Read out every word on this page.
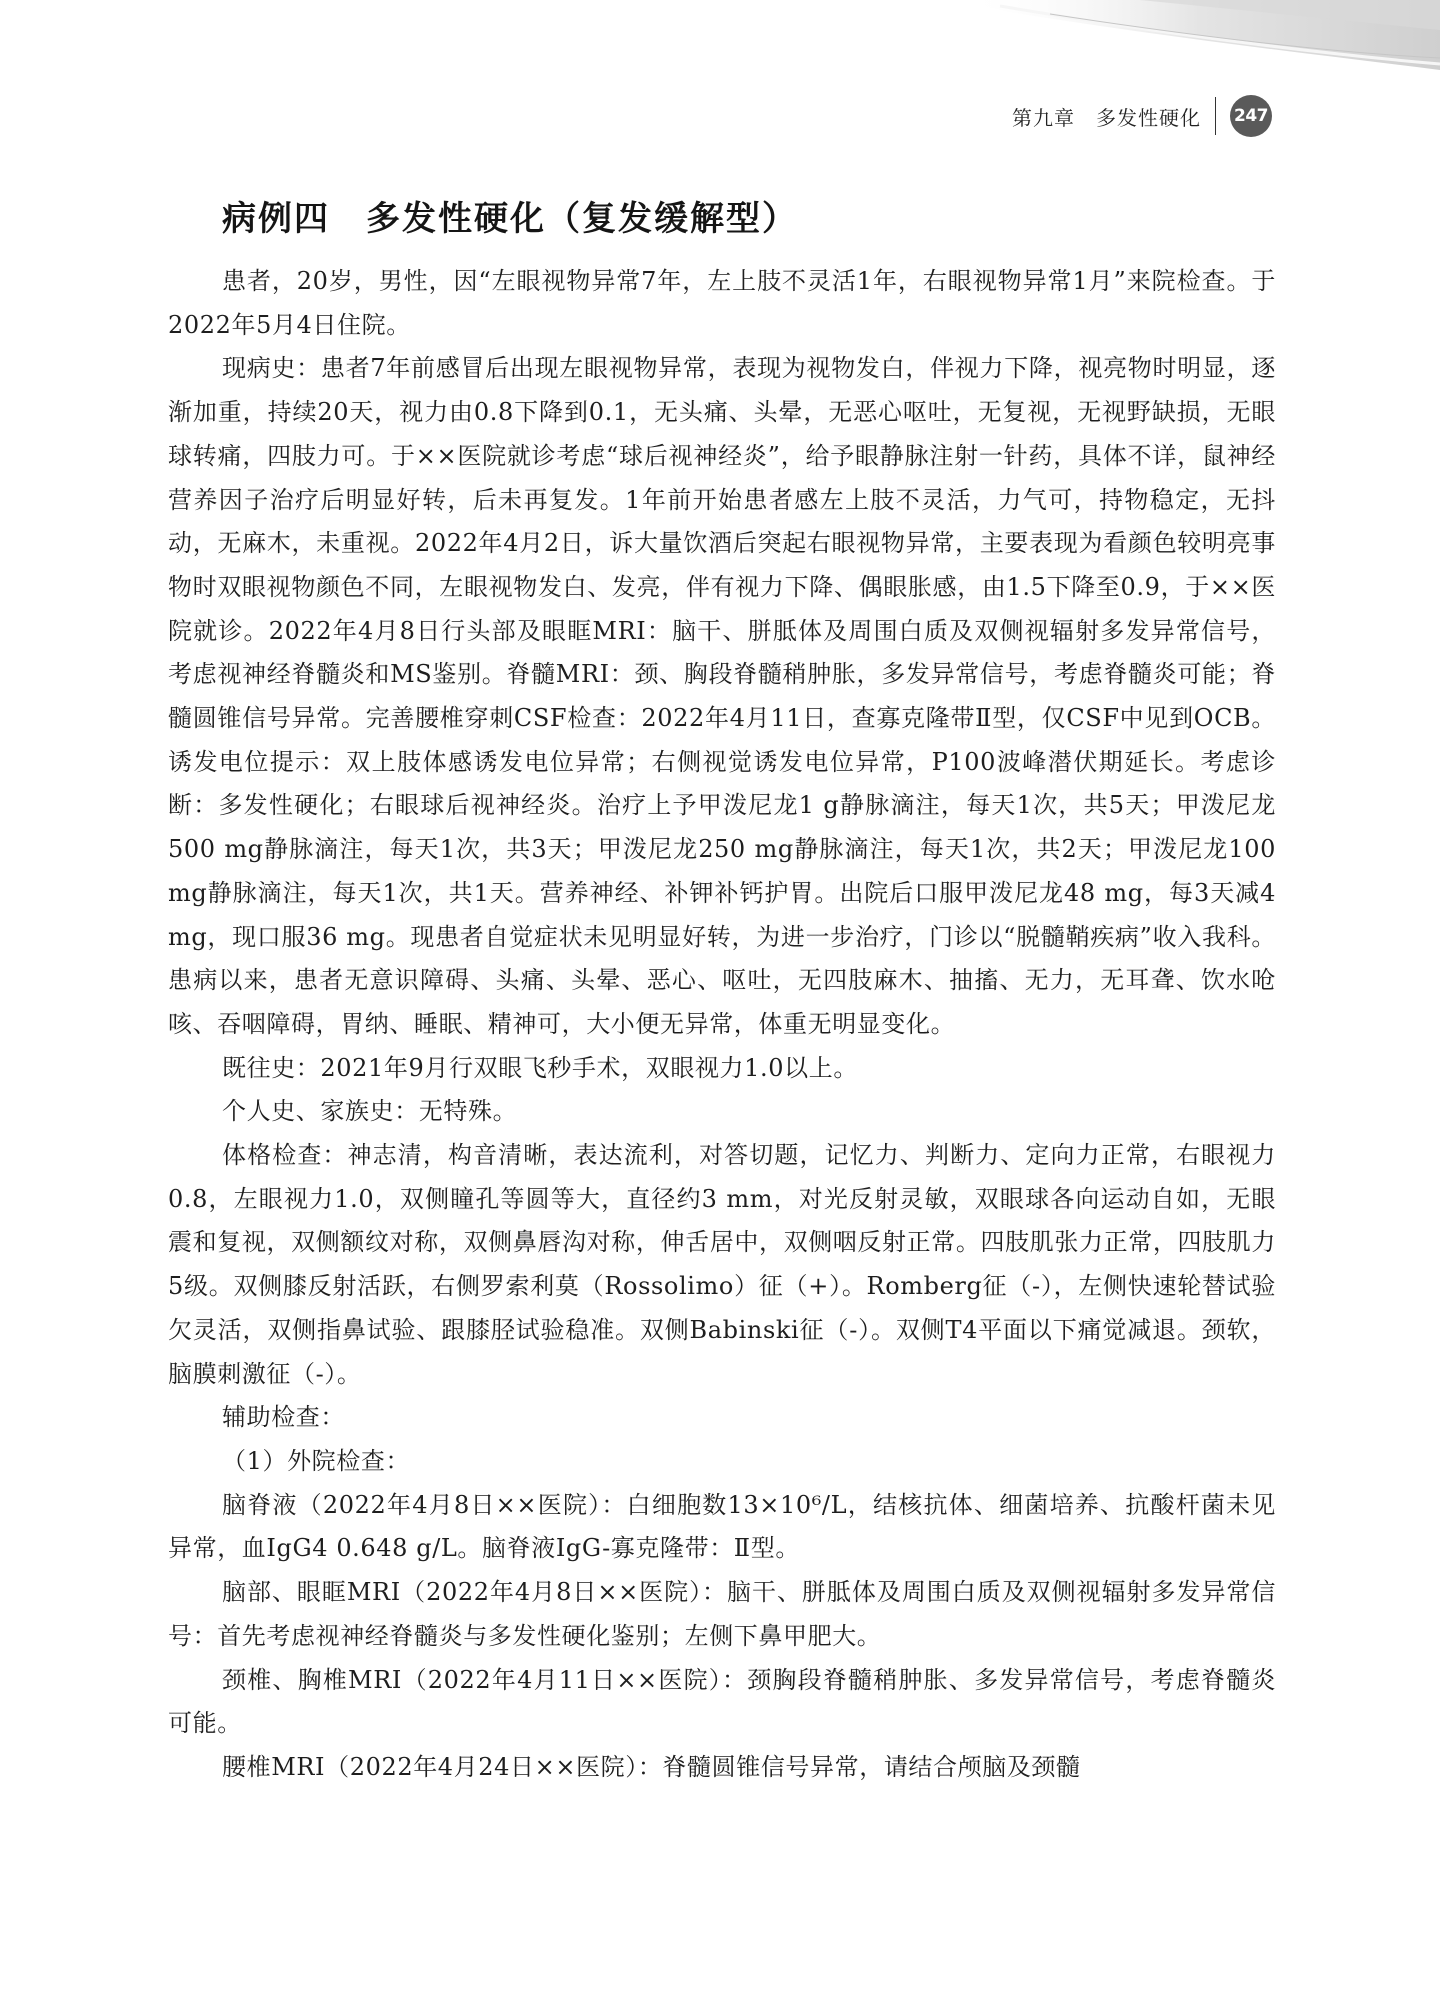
第九章　多发性硬化 247
病例四　多发性硬化（复发缓解型）

患者，20岁，男性，因“左眼视物异常7年，左上肢不灵活1年，右眼视物异常1月”来院检查。于2022年5月4日住院。

现病史：患者7年前感冒后出现左眼视物异常，表现为视物发白，伴视力下降，视亮物时明显，逐渐加重，持续20天，视力由0.8下降到0.1，无头痛、头晕，无恶心呕吐，无复视，无视野缺损，无眼球转痛，四肢力可。于××医院就诊考虑“球后视神经炎”，给予眼静脉注射一针药，具体不详，鼠神经营养因子治疗后明显好转，后未再复发。1年前开始患者感左上肢不灵活，力气可，持物稳定，无抖动，无麻木，未重视。2022年4月2日，诉大量饮酒后突起右眼视物异常，主要表现为看颜色较明亮事物时双眼视物颜色不同，左眼视物发白、发亮，伴有视力下降、偶眼胀感，由1.5下降至0.9，于××医院就诊。2022年4月8日行头部及眼眶MRI：脑干、胼胝体及周围白质及双侧视辐射多发异常信号，考虑视神经脊髓炎和MS鉴别。脊髓MRI：颈、胸段脊髓稍肿胀，多发异常信号，考虑脊髓炎可能；脊髓圆锥信号异常。完善腰椎穿刺CSF检查：2022年4月11日，查寡克隆带Ⅱ型，仅CSF中见到OCB。诱发电位提示：双上肢体感诱发电位异常；右侧视觉诱发电位异常，P100波峰潜伏期延长。考虑诊断：多发性硬化；右眼球后视神经炎。治疗上予甲泼尼龙1 g静脉滴注，每天1次，共5天；甲泼尼龙500 mg静脉滴注，每天1次，共3天；甲泼尼龙250 mg静脉滴注，每天1次，共2天；甲泼尼龙100 mg静脉滴注，每天1次，共1天。营养神经、补钾补钙护胃。出院后口服甲泼尼龙48 mg，每3天减4 mg，现口服36 mg。现患者自觉症状未见明显好转，为进一步治疗，门诊以“脱髓鞘疾病”收入我科。患病以来，患者无意识障碍、头痛、头晕、恶心、呕吐，无四肢麻木、抽搐、无力，无耳聋、饮水呛咳、吞咽障碍，胃纳、睡眠、精神可，大小便无异常，体重无明显变化。

既往史：2021年9月行双眼飞秒手术，双眼视力1.0以上。

个人史、家族史：无特殊。

体格检查：神志清，构音清晰，表达流利，对答切题，记忆力、判断力、定向力正常，右眼视力0.8，左眼视力1.0，双侧瞳孔等圆等大，直径约3 mm，对光反射灵敏，双眼球各向运动自如，无眼震和复视，双侧额纹对称，双侧鼻唇沟对称，伸舌居中，双侧咽反射正常。四肢肌张力正常，四肢肌力5级。双侧膝反射活跃，右侧罗索利莫（Rossolimo）征（+）。Romberg征（-），左侧快速轮替试验欠灵活，双侧指鼻试验、跟膝胫试验稳准。双侧Babinski征（-）。双侧T4平面以下痛觉减退。颈软，脑膜刺激征（-）。

辅助检查：

（1）外院检查：

脑脊液（2022年4月8日××医院）：白细胞数13×10⁶/L，结核抗体、细菌培养、抗酸杆菌未见异常，血IgG4 0.648 g/L。脑脊液IgG-寡克隆带：Ⅱ型。

脑部、眼眶MRI（2022年4月8日××医院）：脑干、胼胝体及周围白质及双侧视辐射多发异常信号：首先考虑视神经脊髓炎与多发性硬化鉴别；左侧下鼻甲肥大。

颈椎、胸椎MRI（2022年4月11日××医院）：颈胸段脊髓稍肿胀、多发异常信号，考虑脊髓炎可能。

腰椎MRI（2022年4月24日××医院）：脊髓圆锥信号异常，请结合颅脑及颈髓
